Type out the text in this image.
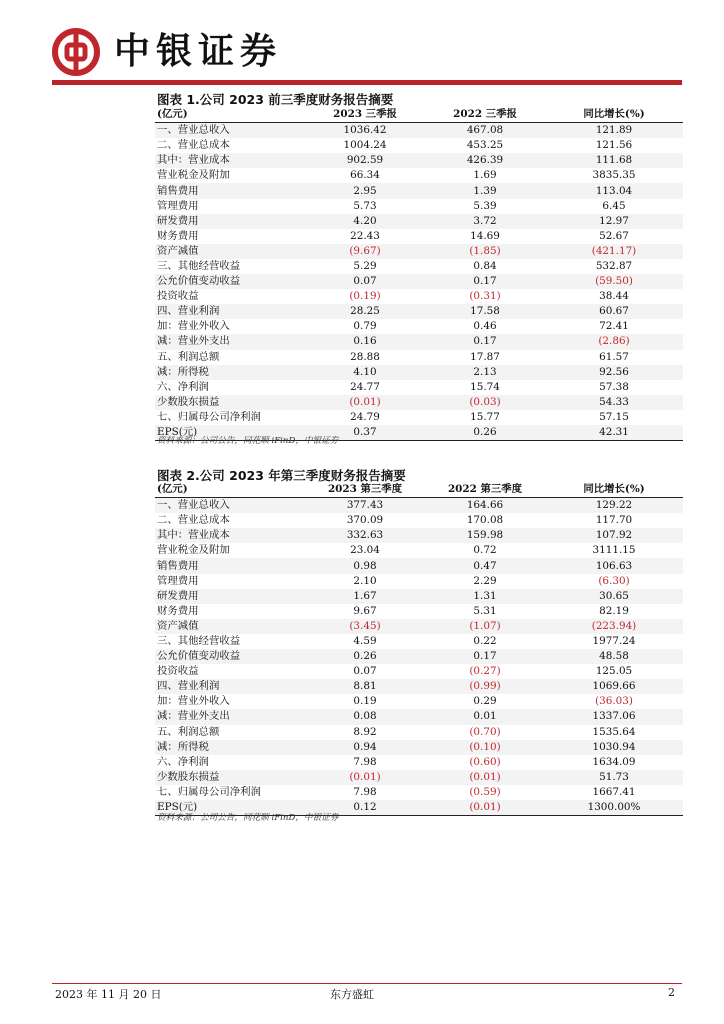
中银证券
图表 1.公司 2023 前三季度财务报告摘要
(亿元)	2023 三季报	2022 三季报	同比增长(%)
一、营业总收入	1036.42	467.08	121.89
二、营业总成本	1004.24	453.25	121.56
其中：营业成本	902.59	426.39	111.68
营业税金及附加	66.34	1.69	3835.35
销售费用	2.95	1.39	113.04
管理费用	5.73	5.39	6.45
研发费用	4.20	3.72	12.97
财务费用	22.43	14.69	52.67
资产减值	(9.67)	(1.85)	(421.17)
三、其他经营收益	5.29	0.84	532.87
公允价值变动收益	0.07	0.17	(59.50)
投资收益	(0.19)	(0.31)	38.44
四、营业利润	28.25	17.58	60.67
加：营业外收入	0.79	0.46	72.41
减：营业外支出	0.16	0.17	(2.86)
五、利润总额	28.88	17.87	61.57
减：所得税	4.10	2.13	92.56
六、净利润	24.77	15.74	57.38
少数股东损益	(0.01)	(0.03)	54.33
七、归属母公司净利润	24.79	15.77	57.15
EPS(元)	0.37	0.26	42.31
资料来源：公司公告，同花顺 iFinD，中银证券
图表 2.公司 2023 年第三季度财务报告摘要
(亿元)	2023 第三季度	2022 第三季度	同比增长(%)
一、营业总收入	377.43	164.66	129.22
二、营业总成本	370.09	170.08	117.70
其中：营业成本	332.63	159.98	107.92
营业税金及附加	23.04	0.72	3111.15
销售费用	0.98	0.47	106.63
管理费用	2.10	2.29	(6.30)
研发费用	1.67	1.31	30.65
财务费用	9.67	5.31	82.19
资产减值	(3.45)	(1.07)	(223.94)
三、其他经营收益	4.59	0.22	1977.24
公允价值变动收益	0.26	0.17	48.58
投资收益	0.07	(0.27)	125.05
四、营业利润	8.81	(0.99)	1069.66
加：营业外收入	0.19	0.29	(36.03)
减：营业外支出	0.08	0.01	1337.06
五、利润总额	8.92	(0.70)	1535.64
减：所得税	0.94	(0.10)	1030.94
六、净利润	7.98	(0.60)	1634.09
少数股东损益	(0.01)	(0.01)	51.73
七、归属母公司净利润	7.98	(0.59)	1667.41
EPS(元)	0.12	(0.01)	1300.00%
资料来源：公司公告，同花顺 iFinD，中银证券
2023 年 11 月 20 日	东方盛虹	2
